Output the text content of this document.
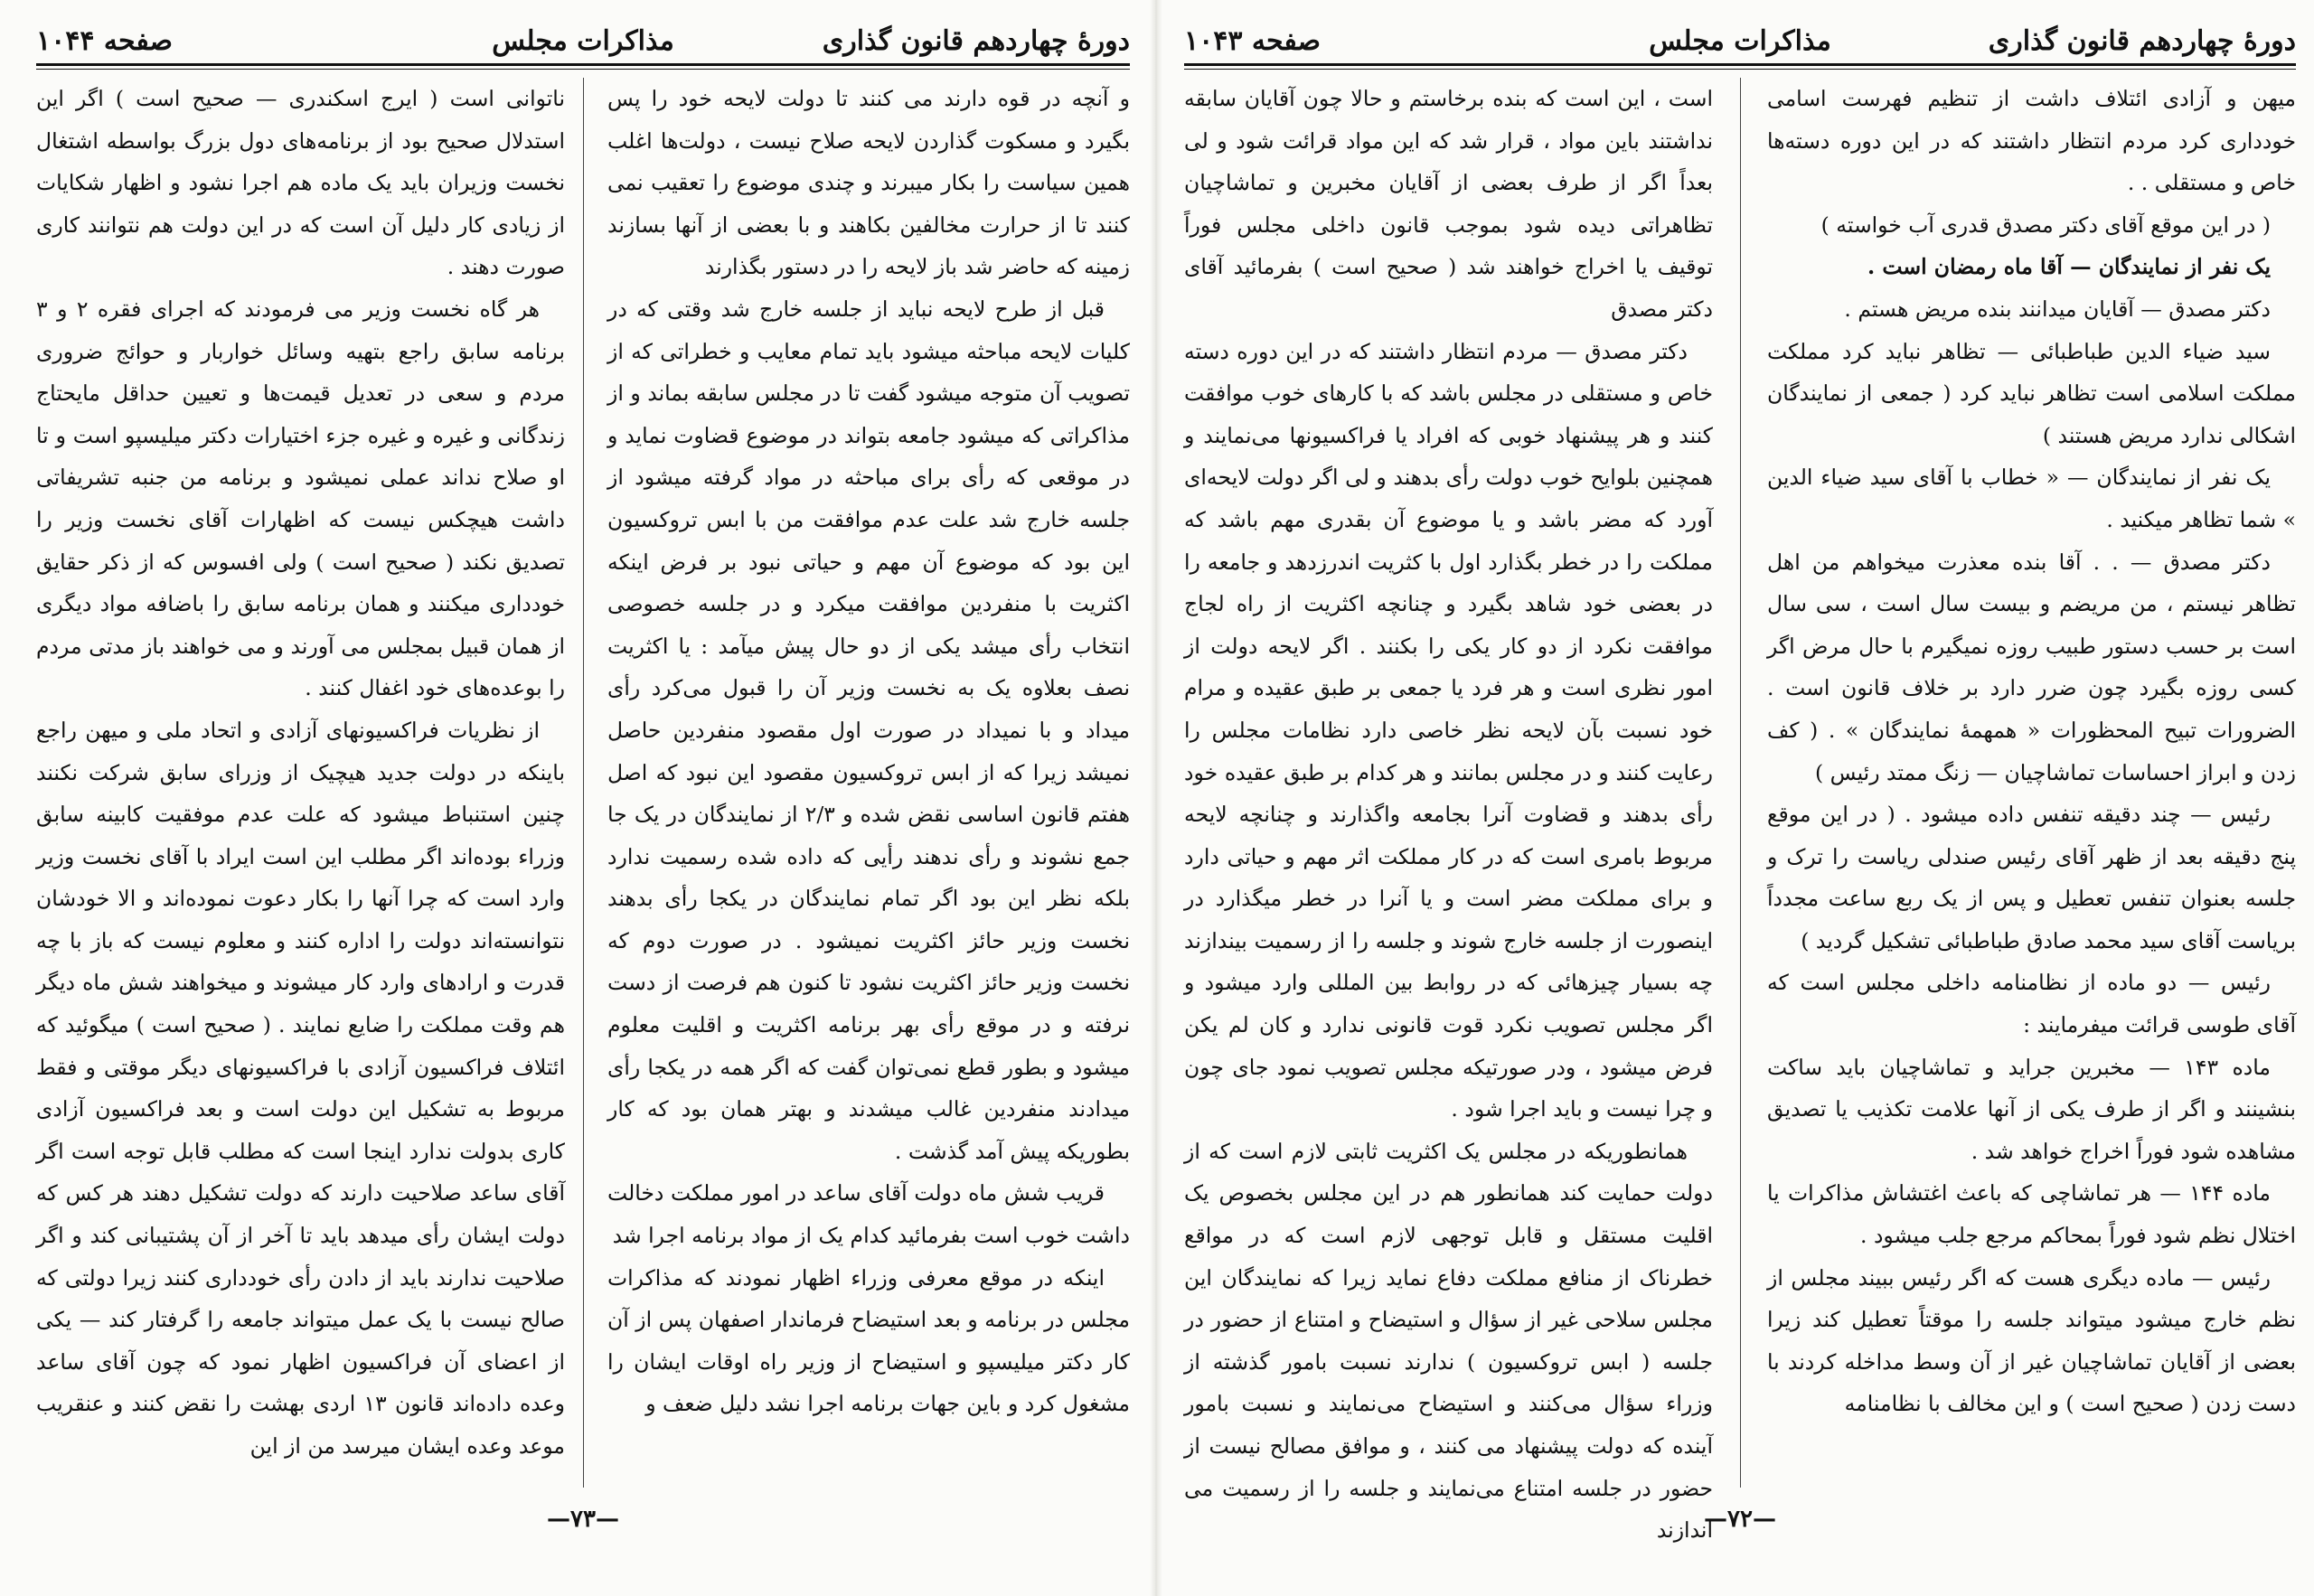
دورهٔ چهاردهم قانون گذاری
مذاکرات مجلس
صفحه ۱۰۴۴

و آنچه در قوه دارند می کنند تا دولت لایحه خود را پس بگیرد و مسکوت گذاردن لایحه صلاح نیست ، دولت‌ها اغلب همین سیاست را بکار میبرند و چندی موضوع را تعقیب نمی کنند تا از حرارت مخالفین بکاهند و با بعضی از آنها بسازند زمینه که حاضر شد باز لایحه را در دستور بگذارند

قبل از طرح لایحه نباید از جلسه خارج شد وقتی که در کلیات لایحه مباحثه میشود باید تمام معایب و خطراتی که از تصویب آن متوجه میشود گفت تا در مجلس سابقه بماند و از مذاکراتی که میشود جامعه بتواند در موضوع قضاوت نماید و در موقعی که رأی برای مباحثه در مواد گرفته میشود از جلسه خارج شد علت عدم موافقت من با ابس تروکسیون این بود که موضوع آن مهم و حیاتی نبود بر فرض اینکه اکثریت با منفردین موافقت میکرد و در جلسه خصوصی انتخاب رأی میشد یکی از دو حال پیش میآمد : یا اکثریت نصف بعلاوه یک به نخست وزیر آن را قبول می‌کرد رأی میداد و با نمیداد در صورت اول مقصود منفردین حاصل نمیشد زیرا که از ابس تروکسیون مقصود این نبود که اصل هفتم قانون اساسی نقض شده و ۲/۳ از نمایندگان در یک جا جمع نشوند و رأی ندهند رأیی که داده شده رسمیت ندارد بلکه نظر این بود اگر تمام نمایندگان در یکجا رأی بدهند نخست وزیر حائز اکثریت نمیشود . در صورت دوم که نخست وزیر حائز اکثریت نشود تا کنون هم فرصت از دست نرفته و در موقع رأی بهر برنامه اکثریت و اقلیت معلوم میشود و بطور قطع نمی‌توان گفت که اگر همه در یکجا رأی میدادند منفردین غالب میشدند و بهتر همان بود که کار بطوریکه پیش آمد گذشت .

قریب شش ماه دولت آقای ساعد در امور مملکت دخالت داشت خوب است بفرمائید کدام یک از مواد برنامه اجرا شد

اینکه در موقع معرفی وزراء اظهار نمودند که مذاکرات مجلس در برنامه و بعد استیضاح فرماندار اصفهان پس از آن کار دکتر میلیسپو و استیضاح از وزیر راه اوقات ایشان را مشغول کرد و باین جهات برنامه اجرا نشد دلیل ضعف و

ناتوانی است ( ایرج اسکندری — صحیح است ) اگر این استدلال صحیح بود از برنامه‌های دول بزرگ بواسطه اشتغال نخست وزیران باید یک ماده هم اجرا نشود و اظهار شکایات از زیادی کار دلیل آن است که در این دولت هم نتوانند کاری صورت دهند .

هر گاه نخست وزیر می فرمودند که اجرای فقره ۲ و ۳ برنامه سابق راجع بتهیه وسائل خواربار و حوائج ضروری مردم و سعی در تعدیل قیمت‌ها و تعیین حداقل مایحتاج زندگانی و غیره و غیره جزء اختیارات دکتر میلیسپو است و تا او صلاح نداند عملی نمیشود و برنامه من جنبه تشریفاتی داشت هیچکس نیست که اظهارات آقای نخست وزیر را تصدیق نکند ( صحیح است ) ولی افسوس که از ذکر حقایق خودداری میکنند و همان برنامه سابق را باضافه مواد دیگری از همان قبیل بمجلس می آورند و می خواهند باز مدتی مردم را بوعده‌های خود اغفال کنند .

از نظریات فراکسیونهای آزادی و اتحاد ملی و میهن راجع باینکه در دولت جدید هیچیک از وزرای سابق شرکت نکنند چنین استنباط میشود که علت عدم موفقیت کابینه سابق وزراء بوده‌اند اگر مطلب این است ایراد با آقای نخست وزیر وارد است که چرا آنها را بکار دعوت نموده‌اند و الا خودشان نتوانسته‌اند دولت را اداره کنند و معلوم نیست که باز با چه قدرت و ارادهای وارد کار میشوند و میخواهند شش ماه دیگر هم وقت مملکت را ضایع نمایند . ( صحیح است ) میگوئید که ائتلاف فراکسیون آزادی با فراکسیونهای دیگر موقتی و فقط مربوط به تشکیل این دولت است و بعد فراکسیون آزادی کاری بدولت ندارد اینجا است که مطلب قابل توجه است اگر آقای ساعد صلاحیت دارند که دولت تشکیل دهند هر کس که دولت ایشان رأی میدهد باید تا آخر از آن پشتیبانی کند و اگر صلاحیت ندارند باید از دادن رأی خودداری کنند زیرا دولتی که صالح نیست با یک عمل میتواند جامعه را گرفتار کند — یکی از اعضای آن فراکسیون اظهار نمود که چون آقای ساعد وعده داده‌اند قانون ۱۳ اردی بهشت را نقض کنند و عنقریب موعد وعده ایشان میرسد من از این

—۷۳—
دورهٔ چهاردهم قانون گذاری
مذاکرات مجلس
صفحه ۱۰۴۳

میهن و آزادی ائتلاف داشت از تنظیم فهرست اسامی خودداری کرد مردم انتظار داشتند که در این دوره دسته‌ها خاص و مستقلی . .

( در این موقع آقای دکتر مصدق قدری آب خواسته )

یک نفر از نمایندگان — آقا ماه رمضان است .

دکتر مصدق — آقایان میدانند بنده مریض هستم .

سید ضیاء الدین طباطبائی — تظاهر نباید کرد مملکت مملکت اسلامی است تظاهر نباید کرد ( جمعی از نمایندگان اشکالی ندارد مریض هستند )

یک نفر از نمایندگان — « خطاب با آقای سید ضیاء الدین » شما تظاهر میکنید .

دکتر مصدق — . . آقا بنده معذرت میخواهم من اهل تظاهر نیستم ، من مریضم و بیست سال است ، سی سال است بر حسب دستور طبیب روزه نمیگیرم با حال مرض اگر کسی روزه بگیرد چون ضرر دارد بر خلاف قانون است . الضرورات تبیح المحظورات « همهمهٔ نمایندگان » . ( کف زدن و ابراز احساسات تماشاچیان — زنگ ممتد رئیس )

رئیس — چند دقیقه تنفس داده میشود . ( در این موقع پنج دقیقه بعد از ظهر آقای رئیس صندلی ریاست را ترک و جلسه بعنوان تنفس تعطیل و پس از یک ربع ساعت مجدداً بریاست آقای سید محمد صادق طباطبائی تشکیل گردید )

رئیس — دو ماده از نظامنامه داخلی مجلس است که آقای طوسی قرائت میفرمایند :

ماده ۱۴۳ — مخبرین جراید و تماشاچیان باید ساکت بنشینند و اگر از طرف یکی از آنها علامت تکذیب یا تصدیق مشاهده شود فوراً اخراج خواهد شد .

ماده ۱۴۴ — هر تماشاچی که باعث اغتشاش مذاکرات یا اختلال نظم شود فوراً بمحاکم مرجع جلب میشود .

رئیس — ماده دیگری هست که اگر رئیس ببیند مجلس از نظم خارج میشود میتواند جلسه را موقتاً تعطیل کند زیرا بعضی از آقایان تماشاچیان غیر از آن وسط مداخله کردند با دست زدن ( صحیح است ) و این مخالف با نظامنامه

است ، این است که بنده برخاستم و حالا چون آقایان سابقه نداشتند باین مواد ، قرار شد که این مواد قرائت شود و لی بعداً اگر از طرف بعضی از آقایان مخبرین و تماشاچیان تظاهراتی دیده شود بموجب قانون داخلی مجلس فوراً توقیف یا اخراج خواهند شد ( صحیح است ) بفرمائید آقای دکتر مصدق

دکتر مصدق — مردم انتظار داشتند که در این دوره دسته خاص و مستقلی در مجلس باشد که با کارهای خوب موافقت کنند و هر پیشنهاد خوبی که افراد یا فراکسیونها می‌نمایند و همچنین بلوایح خوب دولت رأی بدهند و لی اگر دولت لایحه‌ای آورد که مضر باشد و یا موضوع آن بقدری مهم باشد که مملکت را در خطر بگذارد اول با کثریت اندرزدهد و جامعه را در بعضی خود شاهد بگیرد و چنانچه اکثریت از راه لجاج موافقت نکرد از دو کار یکی را بکنند . اگر لایحه دولت از امور نظری است و هر فرد یا جمعی بر طبق عقیده و مرام خود نسبت بآن لایحه نظر خاصی دارد نظامات مجلس را رعایت کنند و در مجلس بمانند و هر کدام بر طبق عقیده خود رأی بدهند و قضاوت آنرا بجامعه واگذارند و چنانچه لایحه مربوط بامری است که در کار مملکت اثر مهم و حیاتی دارد و برای مملکت مضر است و یا آنرا در خطر میگذارد در اینصورت از جلسه خارج شوند و جلسه را از رسمیت بیندازند چه بسیار چیزهائی که در روابط بین المللی وارد میشود و اگر مجلس تصویب نکرد قوت قانونی ندارد و کان لم یکن فرض میشود ، ودر صورتیکه مجلس تصویب نمود جای چون و چرا نیست و باید اجرا شود .

همانطوریکه در مجلس یک اکثریت ثابتی لازم است که از دولت حمایت کند همانطور هم در این مجلس بخصوص یک اقلیت مستقل و قابل توجهی لازم است که در مواقع خطرناک از منافع مملکت دفاع نماید زیرا که نمایندگان این مجلس سلاحی غیر از سؤال و استیضاح و امتناع از حضور در جلسه ( ابس تروکسیون ) ندارند نسبت بامور گذشته از وزراء سؤال می‌کنند و استیضاح می‌نمایند و نسبت بامور آینده که دولت پیشنهاد می کنند ، و موافق مصالح نیست از حضور در جلسه امتناع می‌نمایند و جلسه را از رسمیت می اندازند

—۷۲—
